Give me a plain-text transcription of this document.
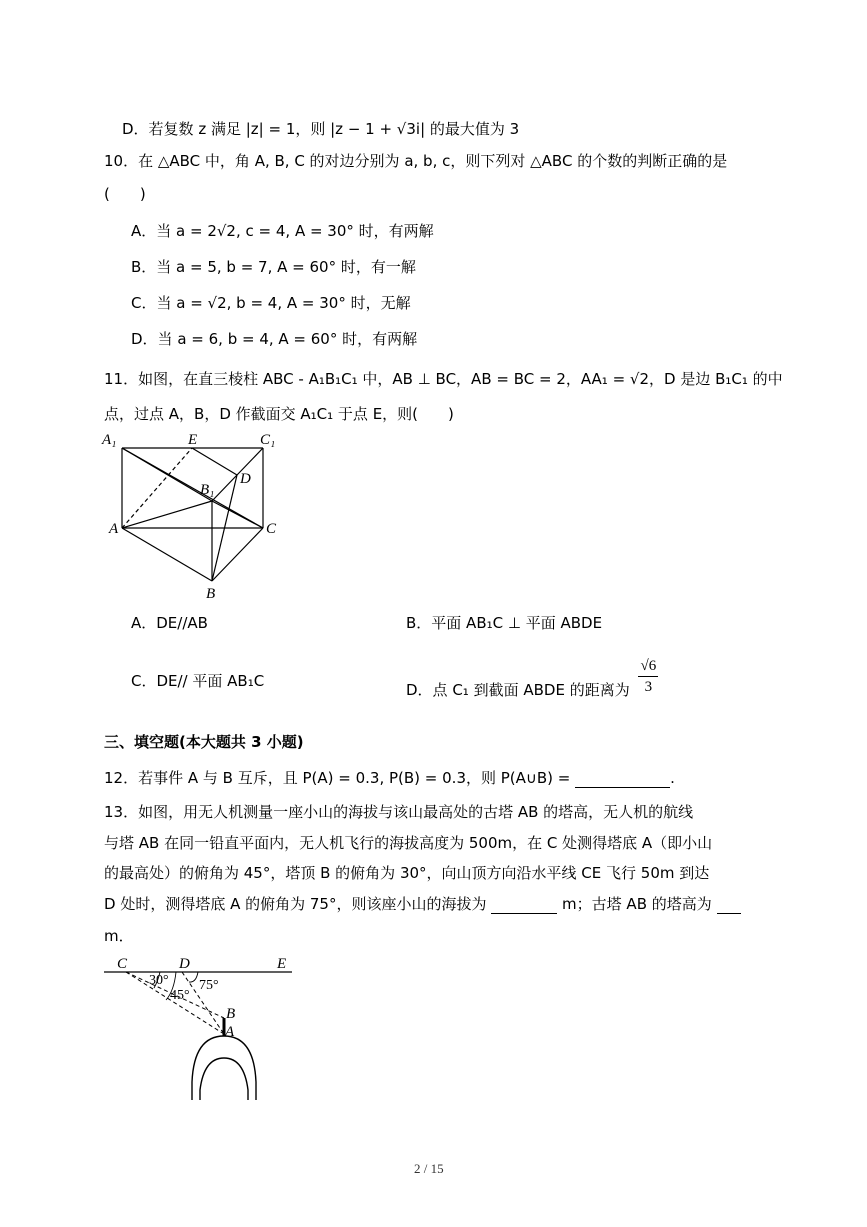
D．若复数 z 满足 |z| = 1，则 |z − 1 + √3i| 的最大值为 3
10．在 △ABC 中，角 A, B, C 的对边分别为 a, b, c，则下列对 △ABC 的个数的判断正确的是
(　　)
A．当 a = 2√2, c = 4, A = 30° 时，有两解
B．当 a = 5, b = 7, A = 60° 时，有一解
C．当 a = √2, b = 4, A = 30° 时，无解
D．当 a = 6, b = 4, A = 60° 时，有两解
11．如图，在直三棱柱 ABC - A₁B₁C₁ 中，AB ⊥ BC，AB = BC = 2，AA₁ = √2，D 是边 B₁C₁ 的中
点，过点 A，B，D 作截面交 A₁C₁ 于点 E，则(　　)
A₁	E	C₁
B₁
D
A	C
B
A．DE//AB	B．平面 AB₁C ⊥ 平面 ABDE
C．DE// 平面 AB₁C	D．点 C₁ 到截面 ABDE 的距离为 $\frac{√6}{3}$
三、填空题(本大题共 3 小题)
12．若事件 A 与 B 互斥，且 P(A) = 0.3, P(B) = 0.3，则 P(A∪B) =	.
13．如图，用无人机测量一座小山的海拔与该山最高处的古塔 AB 的塔高，无人机的航线
与塔 AB 在同一铅直平面内，无人机飞行的海拔高度为 500m，在 C 处测得塔底 A（即小山
的最高处）的俯角为 45°，塔顶 B 的俯角为 30°，向山顶方向沿水平线 CE 飞行 50m 到达
D 处时，测得塔底 A 的俯角为 75°，则该座小山的海拔为	m；古塔 AB 的塔高为
m．
C	D	E
B
A
30°
45°
75°
2 / 15
